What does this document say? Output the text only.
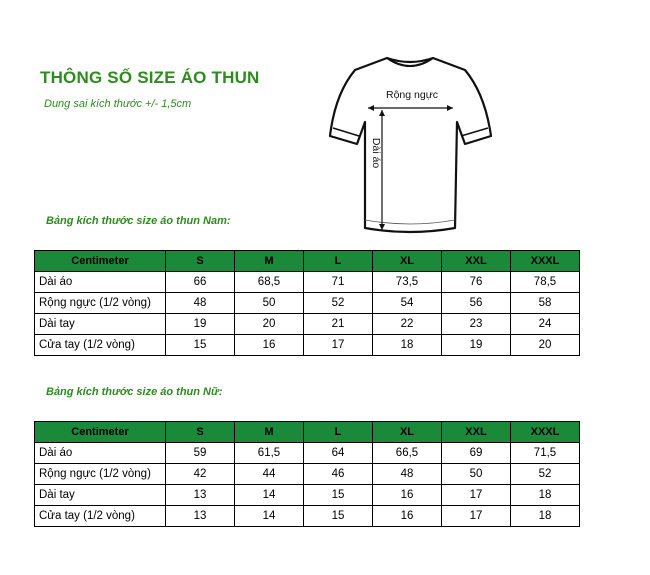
THÔNG SỐ SIZE ÁO THUN
Dung sai kích thước +/- 1,5cm
Rộng ngực
Dài áo
Bảng kích thước size áo thun Nam:
Centimeter	S	M	L	XL	XXL	XXXL
Dài áo	66	68,5	71	73,5	76	78,5
Rộng ngực (1/2 vòng)	48	50	52	54	56	58
Dài tay	19	20	21	22	23	24
Cửa tay (1/2 vòng)	15	16	17	18	19	20
Bảng kích thước size áo thun Nữ:
Centimeter	S	M	L	XL	XXL	XXXL
Dài áo	59	61,5	64	66,5	69	71,5
Rộng ngực (1/2 vòng)	42	44	46	48	50	52
Dài tay	13	14	15	16	17	18
Cửa tay (1/2 vòng)	13	14	15	16	17	18
